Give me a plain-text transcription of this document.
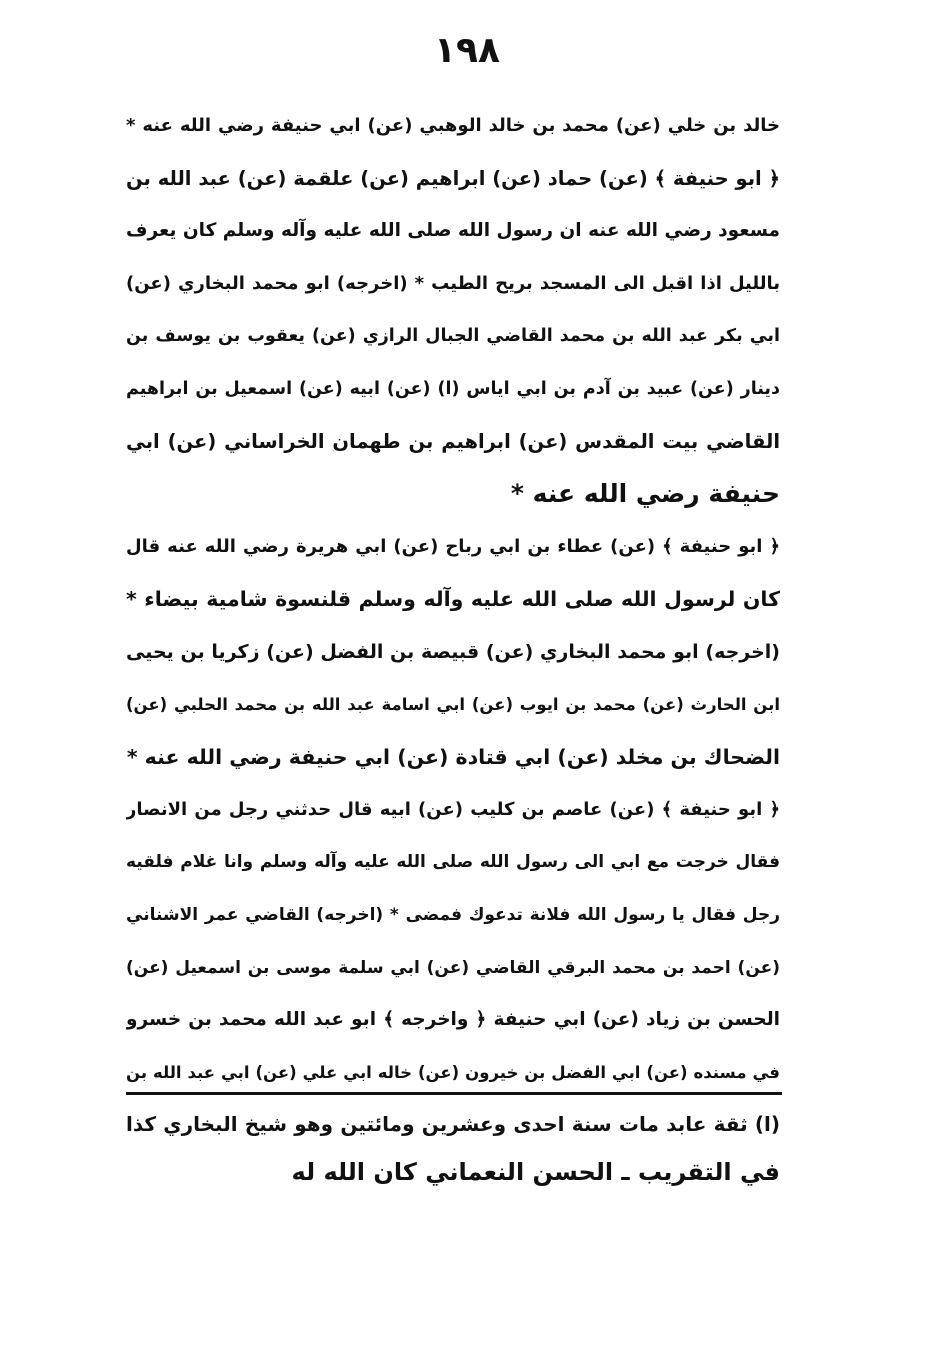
١٩٨
خالد بن خلي (عن) محمد بن خالد الوهبي (عن) ابي حنيفة رضي الله عنه *
﴿ ابو حنيفة ﴾ (عن) حماد (عن) ابراهيم (عن) علقمة (عن) عبد الله بن
مسعود رضي الله عنه ان رسول الله صلى الله عليه وآله وسلم كان يعرف
بالليل اذا اقبل الى المسجد بريح الطيب * (اخرجه) ابو محمد البخاري (عن)
ابي بكر عبد الله بن محمد القاضي الجبال الرازي (عن) يعقوب بن يوسف بن
دينار (عن) عبيد بن آدم بن ابي اياس (ا) (عن) ابيه (عن) اسمعيل بن ابراهيم
القاضي بيت المقدس (عن) ابراهيم بن طهمان الخراساني (عن) ابي
حنيفة رضي الله عنه *
﴿ ابو حنيفة ﴾ (عن) عطاء بن ابي رباح (عن) ابي هريرة رضي الله عنه قال
كان لرسول الله صلى الله عليه وآله وسلم قلنسوة شامية بيضاء *
(اخرجه) ابو محمد البخاري (عن) قبيصة بن الفضل (عن) زكريا بن يحيى
ابن الحارث (عن) محمد بن ايوب (عن) ابي اسامة عبد الله بن محمد الحلبي (عن)
الضحاك بن مخلد (عن) ابي قتادة (عن) ابي حنيفة رضي الله عنه *
﴿ ابو حنيفة ﴾ (عن) عاصم بن كليب (عن) ابيه قال حدثني رجل من الانصار
فقال خرجت مع ابي الى رسول الله صلى الله عليه وآله وسلم وانا غلام فلقيه
رجل فقال يا رسول الله فلانة تدعوك فمضى * (اخرجه) القاضي عمر الاشناني
(عن) احمد بن محمد البرقي القاضي (عن) ابي سلمة موسى بن اسمعيل (عن)
الحسن بن زياد (عن) ابي حنيفة ﴿ واخرجه ﴾ ابو عبد الله محمد بن خسرو
في مسنده (عن) ابي الفضل بن خيرون (عن) خاله ابي علي (عن) ابي عبد الله بن
(ا) ثقة عابد مات سنة احدى وعشرين ومائتين وهو شيخ البخاري كذا
في التقريب ـ الحسن النعماني كان الله له
